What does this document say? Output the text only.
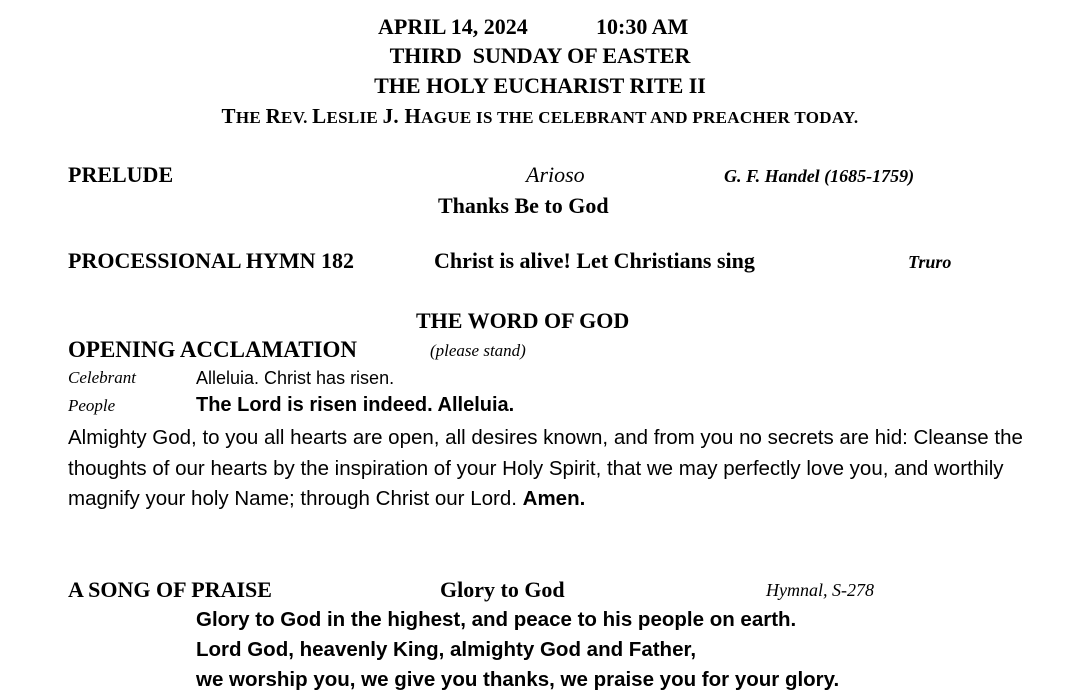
APRIL 14, 2024	10:30 AM
THIRD  SUNDAY OF EASTER
THE HOLY EUCHARIST RITE II
THE REV. LESLIE J. HAGUE IS THE CELEBRANT AND PREACHER TODAY.
PRELUDE	Arioso	G. F. Handel (1685-1759)
Thanks Be to God
PROCESSIONAL HYMN 182	Christ is alive! Let Christians sing	Truro
THE WORD OF GOD
OPENING ACCLAMATION	(please stand)
Celebrant	Alleluia. Christ has risen.
People	The Lord is risen indeed. Alleluia.
Almighty God, to you all hearts are open, all desires known, and from you no secrets are hid: Cleanse the thoughts of our hearts by the inspiration of your Holy Spirit, that we may perfectly love you, and worthily magnify your holy Name; through Christ our Lord. Amen.
A SONG OF PRAISE	Glory to God	Hymnal, S-278
Glory to God in the highest, and peace to his people on earth.
Lord God, heavenly King, almighty God and Father,
we worship you, we give you thanks, we praise you for your glory.
